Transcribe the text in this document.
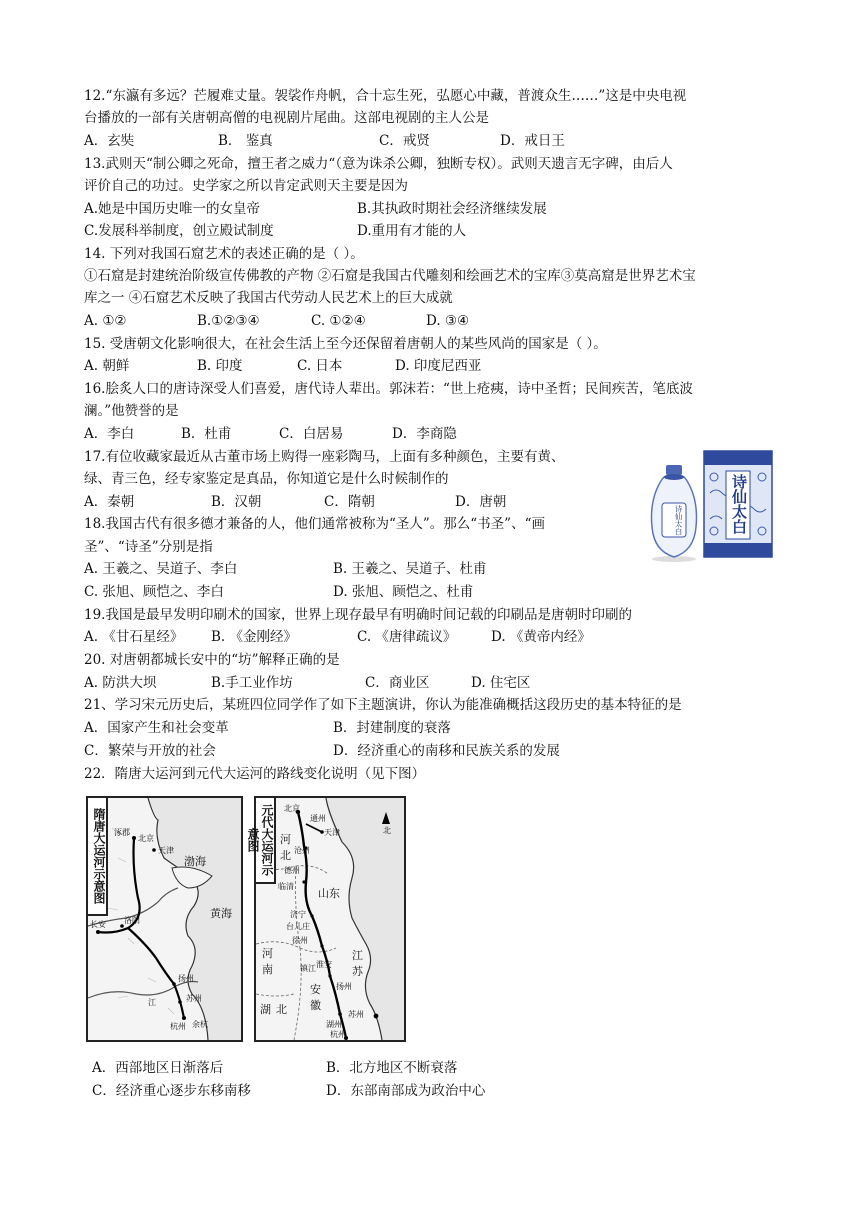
12.“东瀛有多远？芒履难丈量。袈裟作舟帆，合十忘生死，弘愿心中藏，普渡众生……”这是中央电视
台播放的一部有关唐朝高僧的电视剧片尾曲。这部电视剧的主人公是
A．玄奘	B． 鉴真	C．戒贤	D．戒日王
13.武则天“制公卿之死命，擅王者之威力“（意为诛杀公卿，独断专权）。武则天遗言无字碑，由后人
评价自己的功过。史学家之所以肯定武则天主要是因为
A.她是中国历史唯一的女皇帝	B.其执政时期社会经济继续发展
C.发展科举制度，创立殿试制度	D.重用有才能的人
14. 下列对我国石窟艺术的表述正确的是（ ）。
①石窟是封建统治阶级宣传佛教的产物 ②石窟是我国古代雕刻和绘画艺术的宝库③莫高窟是世界艺术宝
库之一 ④石窟艺术反映了我国古代劳动人民艺术上的巨大成就
A. ①②	B.①②③④	C. ①②④	D. ③④
15. 受唐朝文化影响很大，在社会生活上至今还保留着唐朝人的某些风尚的国家是（ ）。
A. 朝鲜	B. 印度	C. 日本	D. 印度尼西亚
16.脍炙人口的唐诗深受人们喜爱，唐代诗人辈出。郭沫若：“世上疮痍，诗中圣哲；民间疾苦，笔底波
澜。”他赞誉的是
A．李白	B．杜甫	C．白居易	D．李商隐
17.有位收藏家最近从古董市场上购得一座彩陶马，上面有多种颜色，主要有黄、
绿、青三色，经专家鉴定是真品，你知道它是什么时候制作的
A．秦朝	B．汉朝	C．隋朝	D．唐朝
18.我国古代有很多德才兼备的人，他们通常被称为“圣人”。那么“书圣”、“画
圣”、“诗圣”分别是指
A. 王羲之、吴道子、李白	B. 王羲之、吴道子、杜甫
C. 张旭、顾恺之、李白	D. 张旭、顾恺之、杜甫
诗仙太白
诗仙太白
19.我国是最早发明印刷术的国家，世界上现存最早有明确时间记载的印刷品是唐朝时印刷的
A. 《甘石星经》 B. 《金刚经》	C. 《唐律疏议》	D. 《黄帝内经》
20. 对唐朝都城长安中的“坊”解释正确的是
A. 防洪大坝	B.手工业作坊	C．商业区	D. 住宅区
21、学习宋元历史后，某班四位同学作了如下主题演讲，你认为能准确概括这段历史的基本特征的是
A．国家产生和社会变革	B．封建制度的衰落
C．繁荣与开放的社会	D．经济重心的南移和民族关系的发展
22．隋唐大运河到元代大运河的路线变化说明（见下图）
隋唐大运河示意图	北京
天津
渤海
黄海
洛阳
长安
扬州
江
杭州
苏州
涿郡
余杭
元代大运河示意图
北京
通州
天津
河
北 沧州
德州
临清
山东
济宁
台儿庄
徐州
河
南	淮安
镇江
江
苏
扬州
安
徽
湖 北	苏州
湖州
杭州
北
A．西部地区日渐落后	B．北方地区不断衰落
C．经济重心逐步东移南移	D．东部南部成为政治中心
